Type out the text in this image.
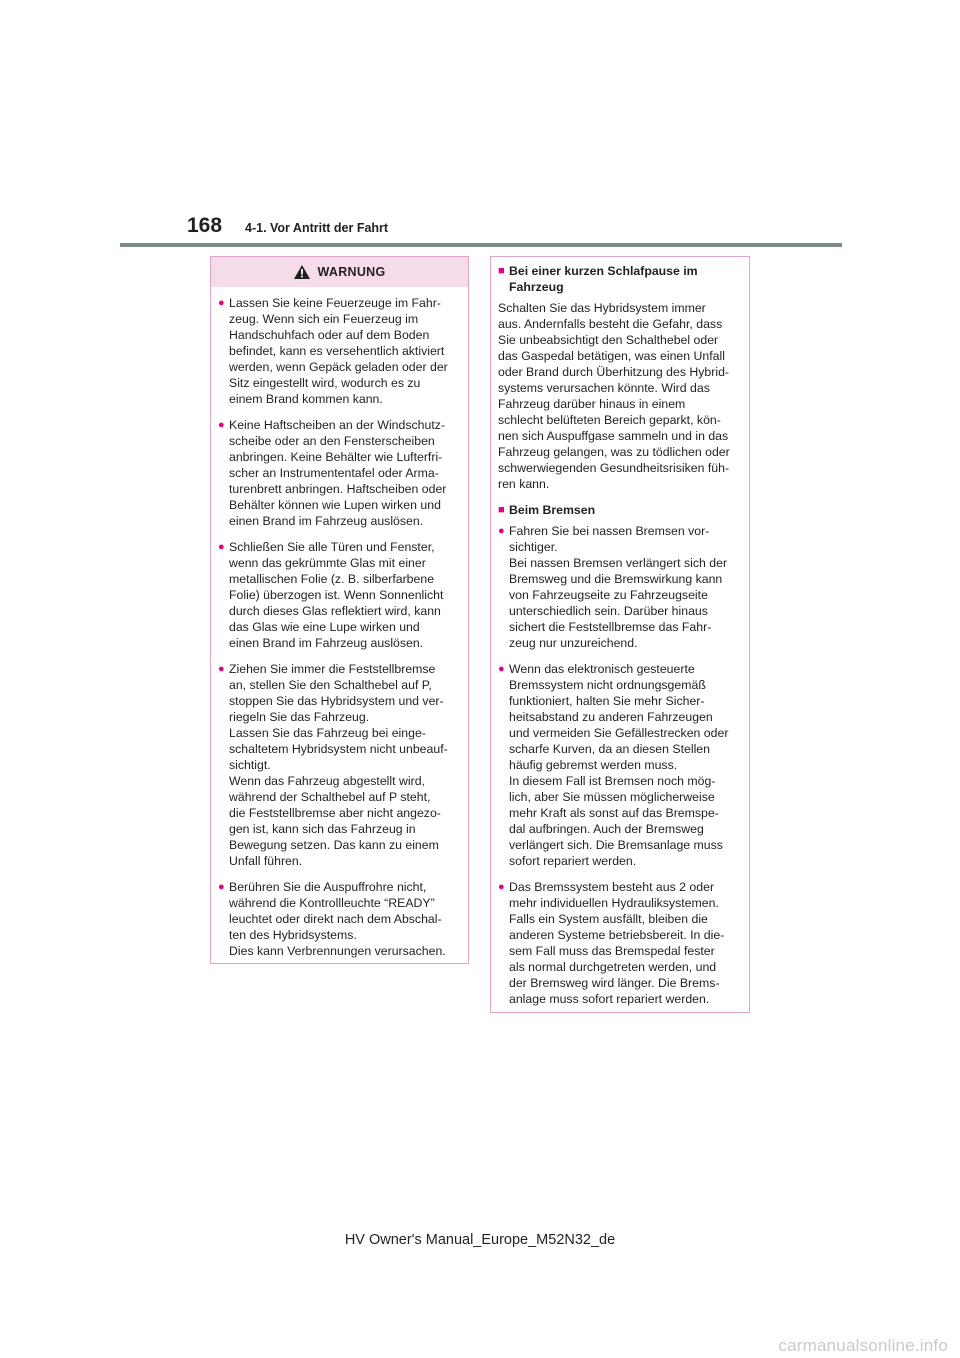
168 4-1. Vor Antritt der Fahrt
WARNUNG
● Lassen Sie keine Feuerzeuge im Fahr-
zeug. Wenn sich ein Feuerzeug im
Handschuhfach oder auf dem Boden
befindet, kann es versehentlich aktiviert
werden, wenn Gepäck geladen oder der
Sitz eingestellt wird, wodurch es zu
einem Brand kommen kann.
● Keine Haftscheiben an der Windschutz-
scheibe oder an den Fensterscheiben
anbringen. Keine Behälter wie Lufterfri-
scher an Instrumententafel oder Arma-
turenbrett anbringen. Haftscheiben oder
Behälter können wie Lupen wirken und
einen Brand im Fahrzeug auslösen.
● Schließen Sie alle Türen und Fenster,
wenn das gekrümmte Glas mit einer
metallischen Folie (z. B. silberfarbene
Folie) überzogen ist. Wenn Sonnenlicht
durch dieses Glas reflektiert wird, kann
das Glas wie eine Lupe wirken und
einen Brand im Fahrzeug auslösen.
● Ziehen Sie immer die Feststellbremse
an, stellen Sie den Schalthebel auf P,
stoppen Sie das Hybridsystem und ver-
riegeln Sie das Fahrzeug.
Lassen Sie das Fahrzeug bei einge-
schaltetem Hybridsystem nicht unbeauf-
sichtigt.
Wenn das Fahrzeug abgestellt wird,
während der Schalthebel auf P steht,
die Feststellbremse aber nicht angezo-
gen ist, kann sich das Fahrzeug in
Bewegung setzen. Das kann zu einem
Unfall führen.
● Berühren Sie die Auspuffrohre nicht,
während die Kontrollleuchte “READY”
leuchtet oder direkt nach dem Abschal-
ten des Hybridsystems.
Dies kann Verbrennungen verursachen.
■ Bei einer kurzen Schlafpause im
Fahrzeug
Schalten Sie das Hybridsystem immer
aus. Andernfalls besteht die Gefahr, dass
Sie unbeabsichtigt den Schalthebel oder
das Gaspedal betätigen, was einen Unfall
oder Brand durch Überhitzung des Hybrid-
systems verursachen könnte. Wird das
Fahrzeug darüber hinaus in einem
schlecht belüfteten Bereich geparkt, kön-
nen sich Auspuffgase sammeln und in das
Fahrzeug gelangen, was zu tödlichen oder
schwerwiegenden Gesundheitsrisiken füh-
ren kann.
■ Beim Bremsen
● Fahren Sie bei nassen Bremsen vor-
sichtiger.
Bei nassen Bremsen verlängert sich der
Bremsweg und die Bremswirkung kann
von Fahrzeugseite zu Fahrzeugseite
unterschiedlich sein. Darüber hinaus
sichert die Feststellbremse das Fahr-
zeug nur unzureichend.
● Wenn das elektronisch gesteuerte
Bremssystem nicht ordnungsgemäß
funktioniert, halten Sie mehr Sicher-
heitsabstand zu anderen Fahrzeugen
und vermeiden Sie Gefällestrecken oder
scharfe Kurven, da an diesen Stellen
häufig gebremst werden muss.
In diesem Fall ist Bremsen noch mög-
lich, aber Sie müssen möglicherweise
mehr Kraft als sonst auf das Bremspe-
dal aufbringen. Auch der Bremsweg
verlängert sich. Die Bremsanlage muss
sofort repariert werden.
● Das Bremssystem besteht aus 2 oder
mehr individuellen Hydrauliksystemen.
Falls ein System ausfällt, bleiben die
anderen Systeme betriebsbereit. In die-
sem Fall muss das Bremspedal fester
als normal durchgetreten werden, und
der Bremsweg wird länger. Die Brems-
anlage muss sofort repariert werden.
HV Owner's Manual_Europe_M52N32_de
carmanualsonline.info
